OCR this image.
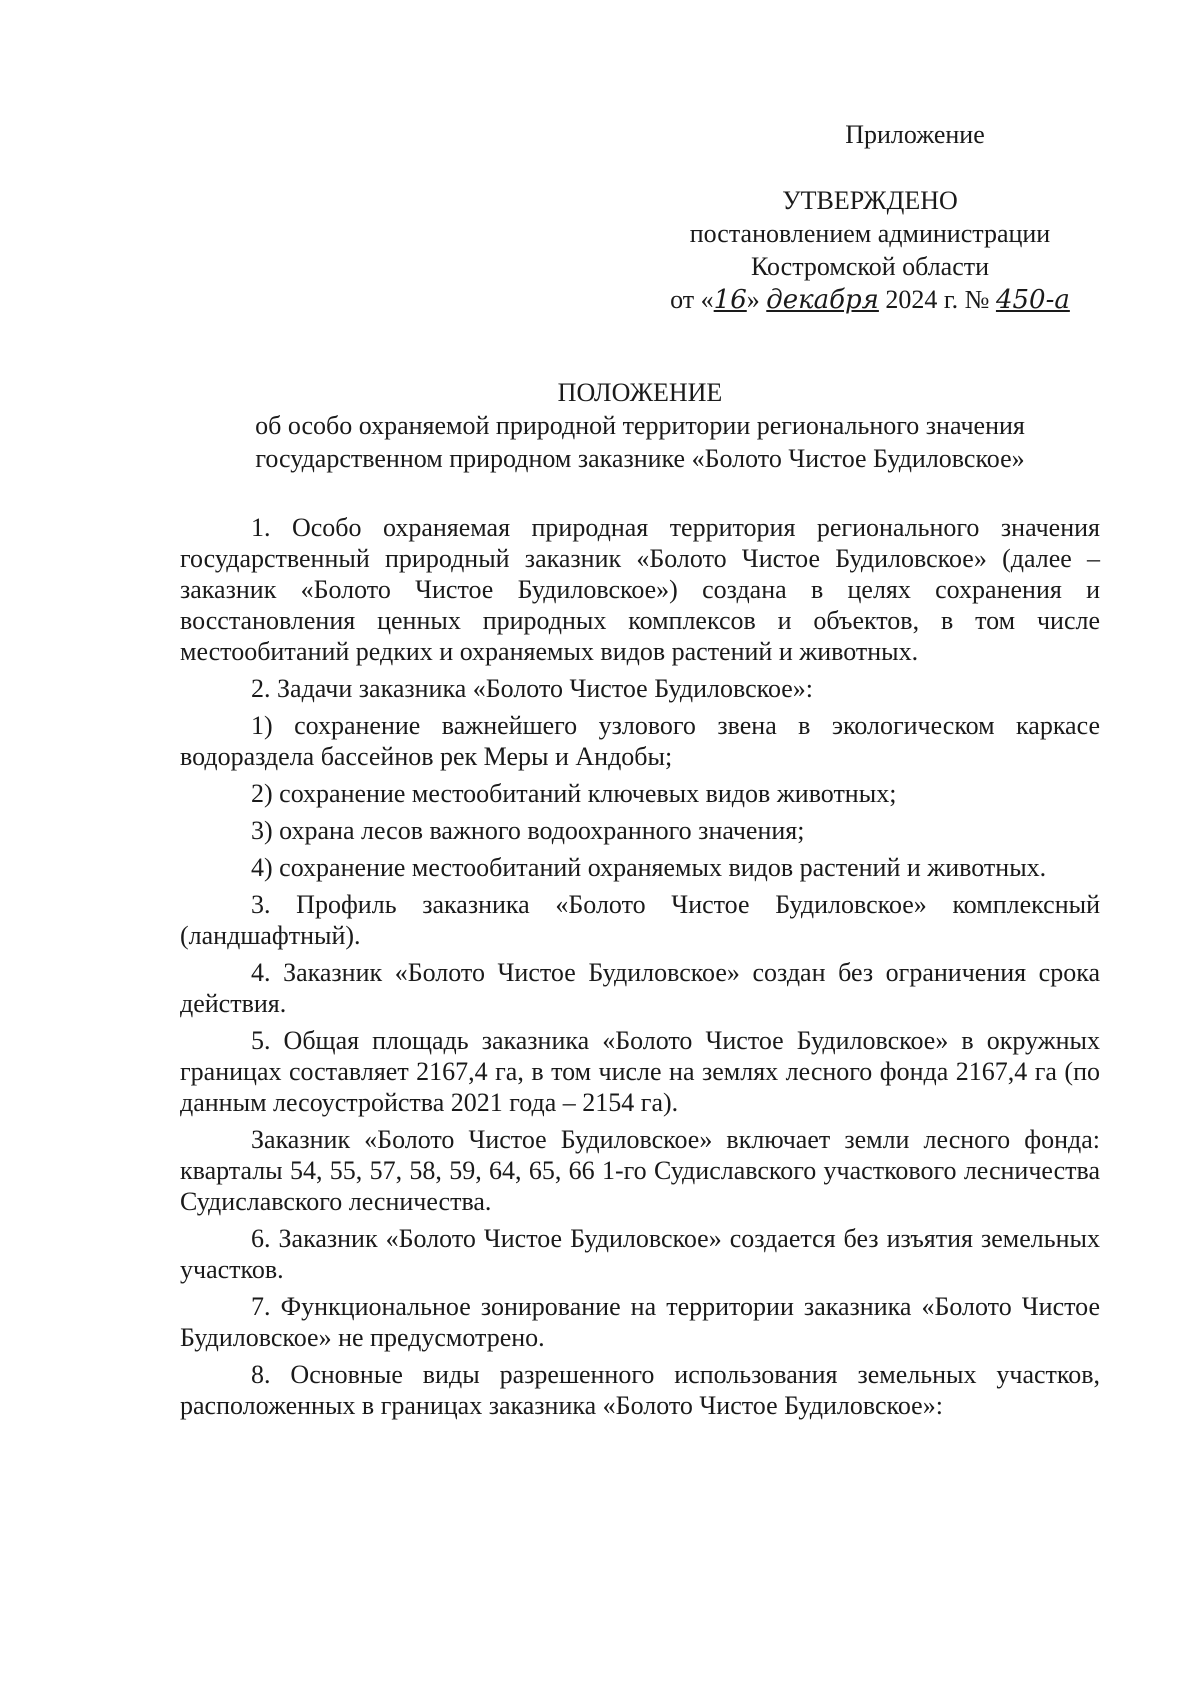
Приложение
УТВЕРЖДЕНО
постановлением администрации
Костромской области
от «16» декабря 2024 г. № 450-а
ПОЛОЖЕНИЕ
об особо охраняемой природной территории регионального значения
государственном природном заказнике «Болото Чистое Будиловское»

1. Особо охраняемая природная территория регионального значения государственный природный заказник «Болото Чистое Будиловское» (далее – заказник «Болото Чистое Будиловское») создана в целях сохранения и восстановления ценных природных комплексов и объектов, в том числе местообитаний редких и охраняемых видов растений и животных.

2. Задачи заказника «Болото Чистое Будиловское»:

1) сохранение важнейшего узлового звена в экологическом каркасе водораздела бассейнов рек Меры и Андобы;

2) сохранение местообитаний ключевых видов животных;

3) охрана лесов важного водоохранного значения;

4) сохранение местообитаний охраняемых видов растений и животных.

3. Профиль заказника «Болото Чистое Будиловское» комплексный (ландшафтный).

4. Заказник «Болото Чистое Будиловское» создан без ограничения срока действия.

5. Общая площадь заказника «Болото Чистое Будиловское» в окружных границах составляет 2167,4 га, в том числе на землях лесного фонда 2167,4 га (по данным лесоустройства 2021 года – 2154 га).

Заказник «Болото Чистое Будиловское» включает земли лесного фонда: кварталы 54, 55, 57, 58, 59, 64, 65, 66 1-го Судиславского участкового лесничества Судиславского лесничества.

6. Заказник «Болото Чистое Будиловское» создается без изъятия земельных участков.

7. Функциональное зонирование на территории заказника «Болото Чистое Будиловское» не предусмотрено.

8. Основные виды разрешенного использования земельных участков, расположенных в границах заказника «Болото Чистое Будиловское»:
